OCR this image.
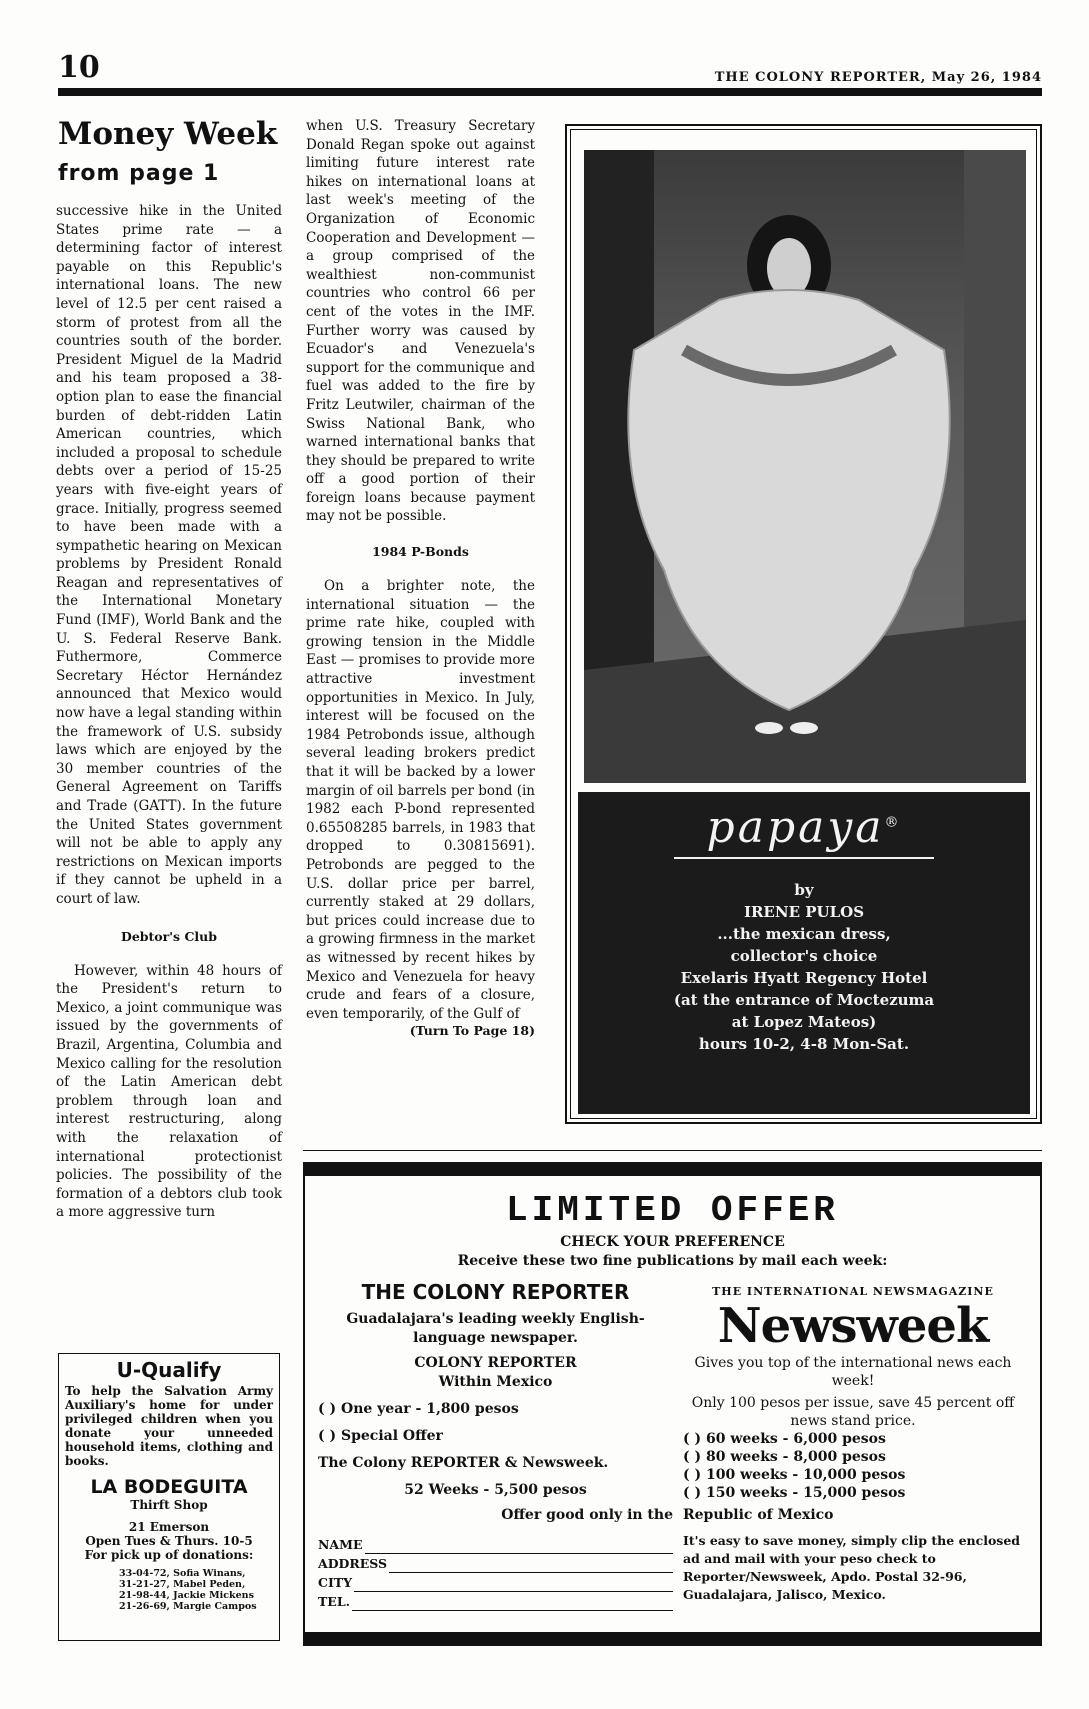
10	THE COLONY REPORTER, May 26, 1984
Money Week
from page 1

successive hike in the United States prime rate — a determining factor of interest payable on this Republic's international loans. The new level of 12.5 per cent raised a storm of protest from all the countries south of the border. President Miguel de la Madrid and his team proposed a 38-option plan to ease the financial burden of debt-ridden Latin American countries, which included a proposal to schedule debts over a period of 15-25 years with five-eight years of grace. Initially, progress seemed to have been made with a sympathetic hearing on Mexican problems by President Ronald Reagan and representatives of the International Monetary Fund (IMF), World Bank and the U. S. Federal Reserve Bank. Futhermore, Commerce Secretary Héctor Hernández announced that Mexico would now have a legal standing within the framework of U.S. subsidy laws which are enjoyed by the 30 member countries of the General Agreement on Tariffs and Trade (GATT). In the future the United States government will not be able to apply any restrictions on Mexican imports if they cannot be upheld in a court of law.

Debtor's Club

However, within 48 hours of the President's return to Mexico, a joint communique was issued by the governments of Brazil, Argentina, Columbia and Mexico calling for the resolution of the Latin American debt problem through loan and interest restructuring, along with the relaxation of international protectionist policies. The possibility of the formation of a debtors club took a more aggressive turn

when U.S. Treasury Secretary Donald Regan spoke out against limiting future interest rate hikes on international loans at last week's meeting of the Organization of Economic Cooperation and Development — a group comprised of the wealthiest non-communist countries who control 66 per cent of the votes in the IMF. Further worry was caused by Ecuador's and Venezuela's support for the communique and fuel was added to the fire by Fritz Leutwiler, chairman of the Swiss National Bank, who warned international banks that they should be prepared to write off a good portion of their foreign loans because payment may not be possible.

1984 P-Bonds

On a brighter note, the international situation — the prime rate hike, coupled with growing tension in the Middle East — promises to provide more attractive investment opportunities in Mexico. In July, interest will be focused on the 1984 Petrobonds issue, although several leading brokers predict that it will be backed by a lower margin of oil barrels per bond (in 1982 each P-bond represented 0.65508285 barrels, in 1983 that dropped to 0.30815691). Petrobonds are pegged to the U.S. dollar price per barrel, currently staked at 29 dollars, but prices could increase due to a growing firmness in the market as witnessed by recent hikes by Mexico and Venezuela for heavy crude and fears of a closure, even temporarily, of the Gulf of

(Turn To Page 18)
papaya®
by
IRENE PULOS
...the mexican dress,
collector's choice
Exelaris Hyatt Regency Hotel
(at the entrance of Moctezuma
at Lopez Mateos)
hours 10-2, 4-8 Mon-Sat.
U-Qualify
To help the Salvation Army Auxiliary's home for under privileged children when you donate your unneeded household items, clothing and books.
LA BODEGUITA
Thirft Shop
21 Emerson
Open Tues & Thurs. 10-5
For pick up of donations:
33-04-72, Sofia Winans,
31-21-27, Mabel Peden,
21-98-44, Jackie Mickens
21-26-69, Margie Campos
LIMITED OFFER
CHECK YOUR PREFERENCE
Receive these two fine publications by mail each week:
THE COLONY REPORTER
Guadalajara's leading weekly English-language newspaper.
COLONY REPORTER
Within Mexico
( ) One year - 1,800 pesos
( ) Special Offer
The Colony REPORTER & Newsweek.
52 Weeks - 5,500 pesos
Offer good only in the
NAME
ADDRESS
CITY
TEL.
THE INTERNATIONAL NEWSMAGAZINE
Newsweek
Gives you top of the international news each week!
Only 100 pesos per issue, save 45 percent off news stand price.
( ) 60 weeks - 6,000 pesos
( ) 80 weeks - 8,000 pesos
( ) 100 weeks - 10,000 pesos
( ) 150 weeks - 15,000 pesos
Republic of Mexico
It's easy to save money, simply clip the enclosed ad and mail with your peso check to Reporter/Newsweek, Apdo. Postal 32-96, Guadalajara, Jalisco, Mexico.
